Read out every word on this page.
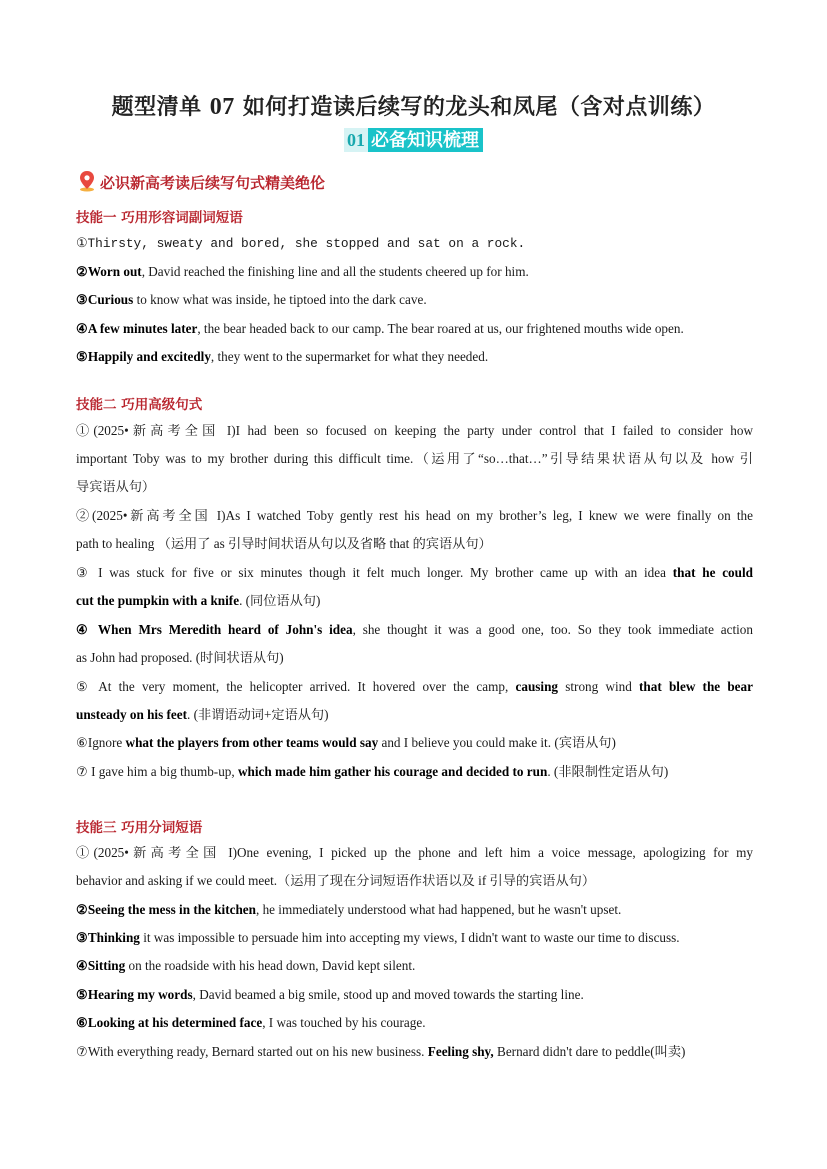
题型清单 07 如何打造读后续写的龙头和凤尾（含对点训练）
01 必备知识梳理
必识新高考读后续写句式精美绝伦
技能一 巧用形容词副词短语
①Thirsty, sweaty and bored, she stopped and sat on a rock.
②Worn out, David reached the finishing line and all the students cheered up for him.
③Curious to know what was inside, he tiptoed into the dark cave.
④A few minutes later, the bear headed back to our camp. The bear roared at us, our frightened mouths wide open.
⑤Happily and excitedly, they went to the supermarket for what they needed.
技能二 巧用高级句式
①(2025•新高考全国 I)I had been so focused on keeping the party under control that I failed to consider how
important Toby was to my brother during this difficult time.（运用了“so…that…”引导结果状语从句以及 how 引
导宾语从句）
②(2025•新高考全国 I)As I watched Toby gently rest his head on my brother’s leg, I knew we were finally on the
path to healing （运用了 as 引导时间状语从句以及省略 that 的宾语从句）
③ I was stuck for five or six minutes though it felt much longer. My brother came up with an idea that he could
cut the pumpkin with a knife. (同位语从句)
④ When Mrs Meredith heard of John's idea, she thought it was a good one, too. So they took immediate action
as John had proposed. (时间状语从句)
⑤ At the very moment, the helicopter arrived. It hovered over the camp, causing strong wind that blew the bear
unsteady on his feet. (非谓语动词+定语从句)
⑥Ignore what the players from other teams would say and I believe you could make it. (宾语从句)
⑦ I gave him a big thumb-up, which made him gather his courage and decided to run. (非限制性定语从句)
技能三 巧用分词短语
①(2025•新高考全国 I)One evening, I picked up the phone and left him a voice message, apologizing for my
behavior and asking if we could meet.（运用了现在分词短语作状语以及 if 引导的宾语从句）
②Seeing the mess in the kitchen, he immediately understood what had happened, but he wasn't upset.
③Thinking it was impossible to persuade him into accepting my views, I didn't want to waste our time to discuss.
④Sitting on the roadside with his head down, David kept silent.
⑤Hearing my words, David beamed a big smile, stood up and moved towards the starting line.
⑥Looking at his determined face, I was touched by his courage.
⑦With everything ready, Bernard started out on his new business. Feeling shy, Bernard didn't dare to peddle(叫卖)
